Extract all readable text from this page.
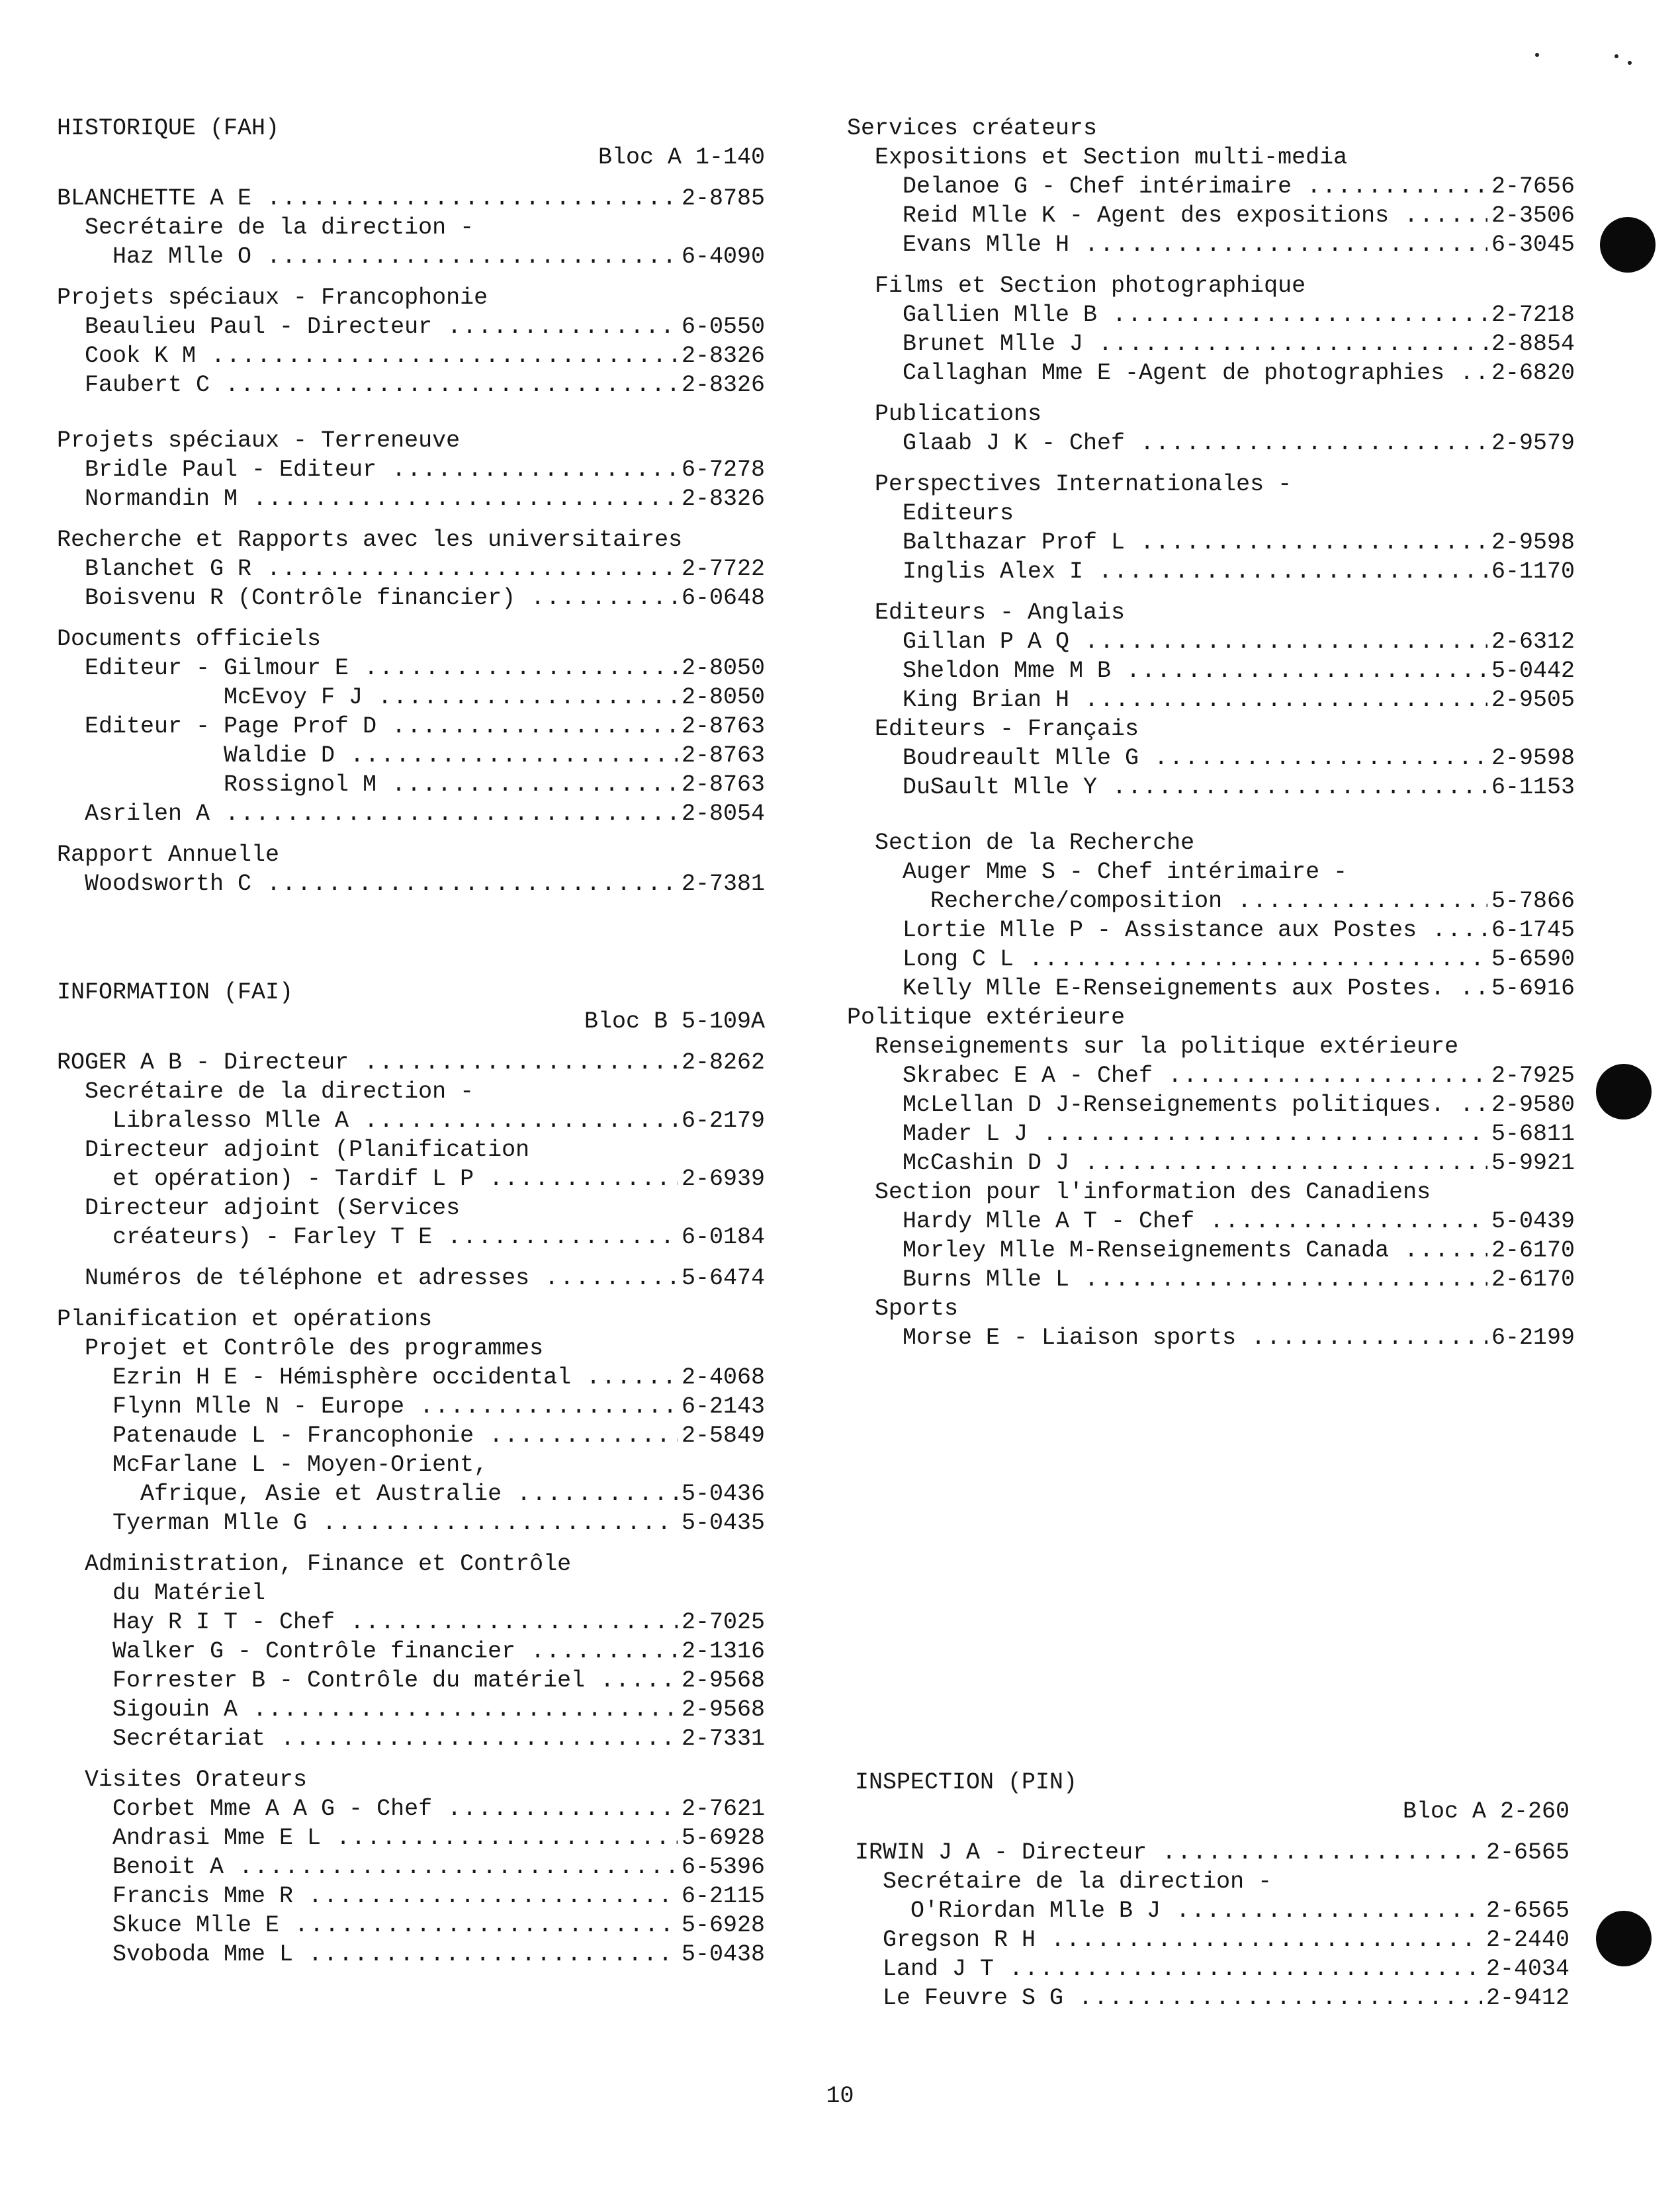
HISTORIQUE (FAH)
Bloc A 1-140
BLANCHETTE A E .....	2-8785
Secrétaire de la direction -
Haz Mlle O .....	6-4090
Projets spéciaux - Francophonie
Beaulieu Paul - Directeur .....	6-0550
Cook K M .....	2-8326
Faubert C .....	2-8326
Projets spéciaux - Terreneuve
Bridle Paul - Editeur .....	6-7278
Normandin M .....	2-8326
Recherche et Rapports avec les universitaires
Blanchet G R .....	2-7722
Boisvenu R (Contrôle financier) .....	6-0648
Documents officiels
Editeur - Gilmour E .....	2-8050
McEvoy F J .....	2-8050
Editeur - Page Prof D .....	2-8763
Waldie D .....	2-8763
Rossignol M .....	2-8763
Asrilen A .....	2-8054
Rapport Annuelle
Woodsworth C .....	2-7381
INFORMATION (FAI)
Bloc B 5-109A
ROGER A B - Directeur .....	2-8262
Secrétaire de la direction -
Libralesso Mlle A .....	6-2179
Directeur adjoint (Planification
et opération) - Tardif L P .....	2-6939
Directeur adjoint (Services
créateurs) - Farley T E .....	6-0184
Numéros de téléphone et adresses .....	5-6474
Planification et opérations
Projet et Contrôle des programmes
Ezrin H E - Hémisphère occidental .....	2-4068
Flynn Mlle N - Europe .....	6-2143
Patenaude L - Francophonie .....	2-5849
McFarlane L - Moyen-Orient,
Afrique, Asie et Australie .....	5-0436
Tyerman Mlle G .....	5-0435
Administration, Finance et Contrôle
du Matériel
Hay R I T - Chef .....	2-7025
Walker G - Contrôle financier .....	2-1316
Forrester B - Contrôle du matériel .....	2-9568
Sigouin A .....	2-9568
Secrétariat .....	2-7331
Visites Orateurs
Corbet Mme A A G - Chef .....	2-7621
Andrasi Mme E L .....	5-6928
Benoit A .....	6-5396
Francis Mme R .....	6-2115
Skuce Mlle E .....	5-6928
Svoboda Mme L .....	5-0438
Services créateurs
Expositions et Section multi-media
Delanoe G - Chef intérimaire .....	2-7656
Reid Mlle K - Agent des expositions .....	2-3506
Evans Mlle H .....	6-3045
Films et Section photographique
Gallien Mlle B .....	2-7218
Brunet Mlle J .....	2-8854
Callaghan Mme E -Agent de photographies ..... 2-6820
Publications
Glaab J K - Chef .....	2-9579
Perspectives Internationales -
Editeurs
Balthazar Prof L .....	2-9598
Inglis Alex I .....	6-1170
Editeurs - Anglais
Gillan P A Q .....	2-6312
Sheldon Mme M B .....	5-0442
King Brian H .....	2-9505
Editeurs - Français
Boudreault Mlle G .....	2-9598
DuSault Mlle Y .....	6-1153
Section de la Recherche
Auger Mme S - Chef intérimaire -
Recherche/composition .....	5-7866
Lortie Mlle P - Assistance aux Postes .....	6-1745
Long C L .....	5-6590
Kelly Mlle E-Renseignements aux Postes. ..... 5-6916
Politique extérieure
Renseignements sur la politique extérieure
Skrabec E A - Chef .....	2-7925
McLellan D J-Renseignements politiques. ..... 2-9580
Mader L J .....	5-6811
McCashin D J .....	5-9921
Section pour l'information des Canadiens
Hardy Mlle A T - Chef .....	5-0439
Morley Mlle M-Renseignements Canada .....	2-6170
Burns Mlle L .....	2-6170
Sports
Morse E - Liaison sports .....	6-2199
INSPECTION (PIN)
Bloc A 2-260
IRWIN J A - Directeur .....	2-6565
Secrétaire de la direction -
O'Riordan Mlle B J .....	2-6565
Gregson R H .....	2-2440
Land J T .....	2-4034
Le Feuvre S G .....	2-9412
10
